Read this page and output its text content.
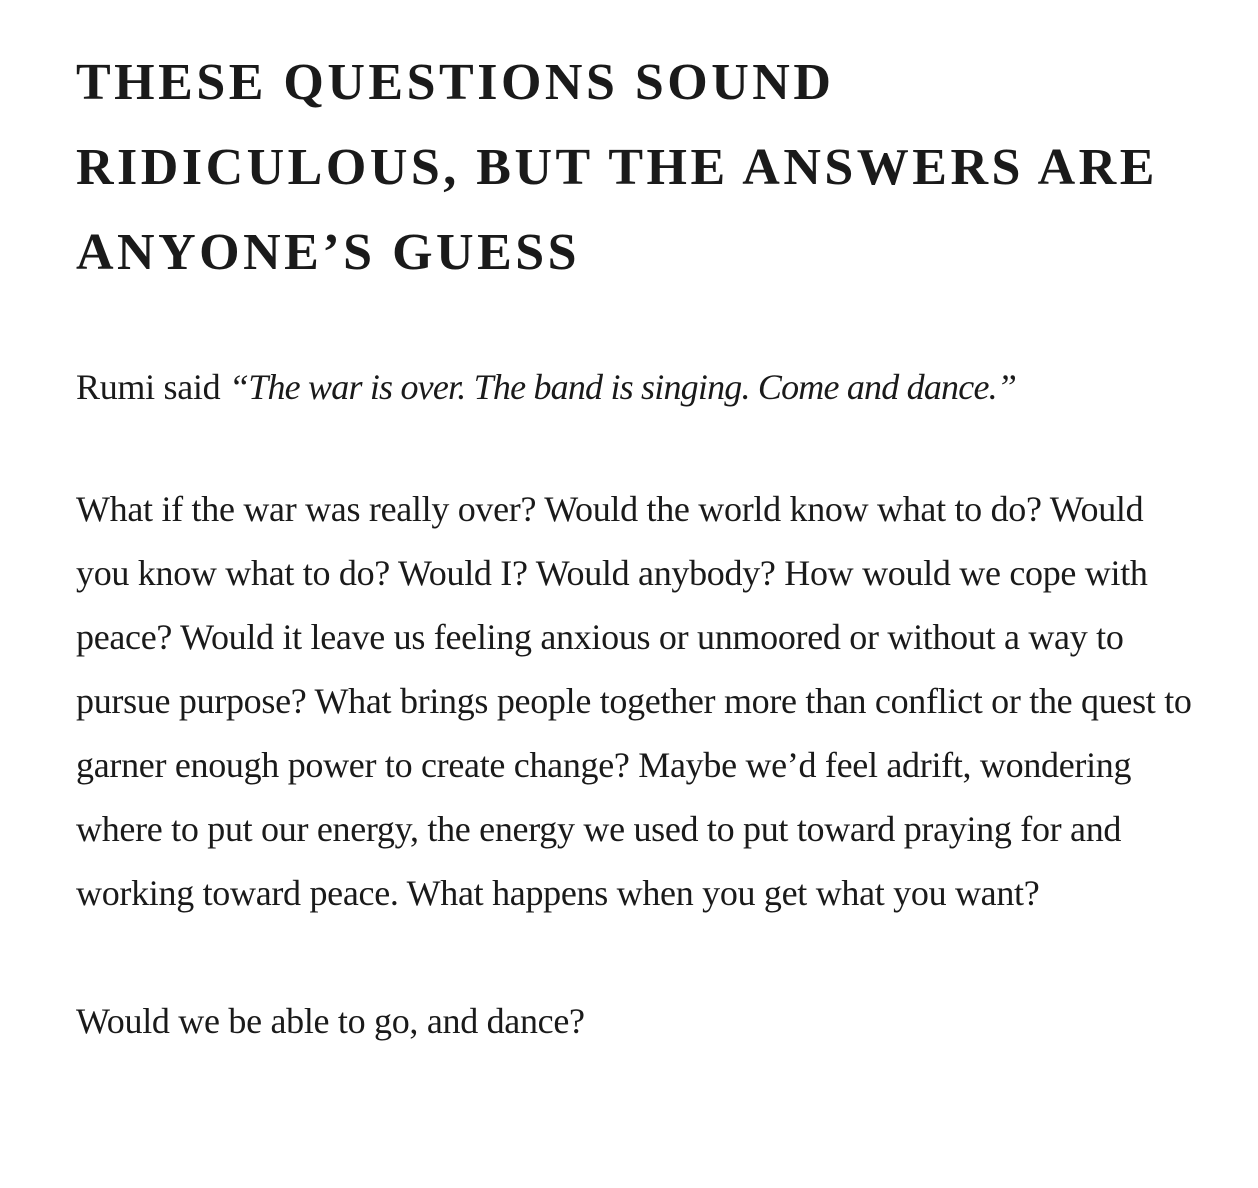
THESE QUESTIONS SOUND RIDICULOUS, BUT THE ANSWERS ARE ANYONE’S GUESS

Rumi said “The war is over. The band is singing. Come and dance.”

What if the war was really over? Would the world know what to do? Would you know what to do? Would I? Would anybody? How would we cope with peace? Would it leave us feeling anxious or unmoored or without a way to pursue purpose? What brings people together more than conflict or the quest to garner enough power to create change? Maybe we’d feel adrift, wondering where to put our energy, the energy we used to put toward praying for and working toward peace. What happens when you get what you want?

Would we be able to go, and dance?
